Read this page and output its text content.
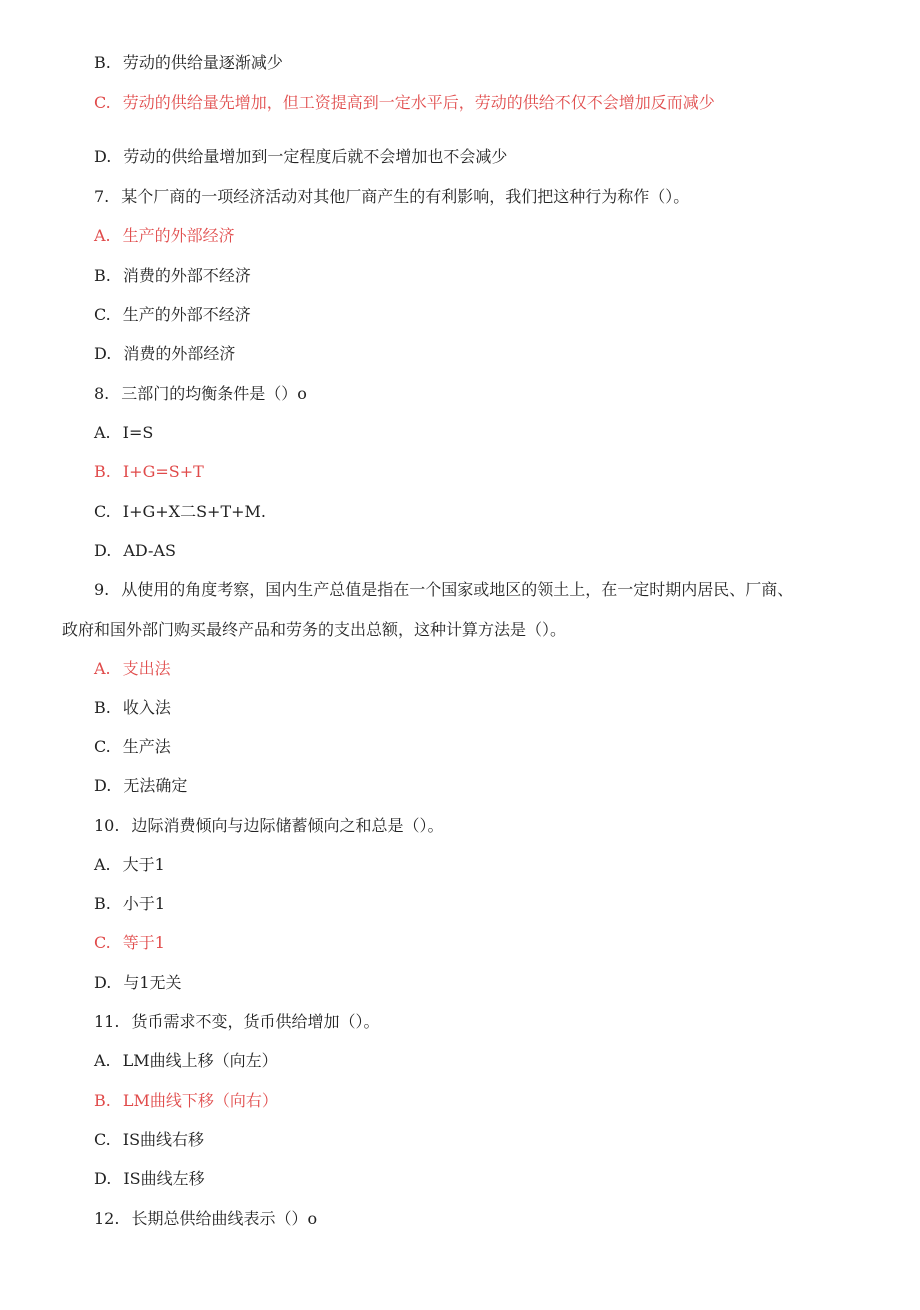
B. 劳动的供给量逐渐减少
C. 劳动的供给量先增加，但工资提高到一定水平后，劳动的供给不仅不会增加反而减少
D. 劳动的供给量增加到一定程度后就不会增加也不会减少
7. 某个厂商的一项经济活动对其他厂商产生的有利影响，我们把这种行为称作（）。
A. 生产的外部经济
B. 消费的外部不经济
C. 生产的外部不经济
D. 消费的外部经济
8. 三部门的均衡条件是（）o
A. I=S
B. I+G=S+T
C. I+G+X二S+T+M.
D. AD-AS
9. 从使用的角度考察，国内生产总值是指在一个国家或地区的领土上，在一定时期内居民、厂商、
政府和国外部门购买最终产品和劳务的支出总额，这种计算方法是（）。
A. 支出法
B. 收入法
C. 生产法
D. 无法确定
10. 边际消费倾向与边际储蓄倾向之和总是（）。
A. 大于1
B. 小于1
C. 等于1
D. 与1无关
11. 货币需求不变，货币供给增加（）。
A. LM曲线上移（向左）
B. LM曲线下移（向右）
C. IS曲线右移
D. IS曲线左移
12. 长期总供给曲线表示（）o
